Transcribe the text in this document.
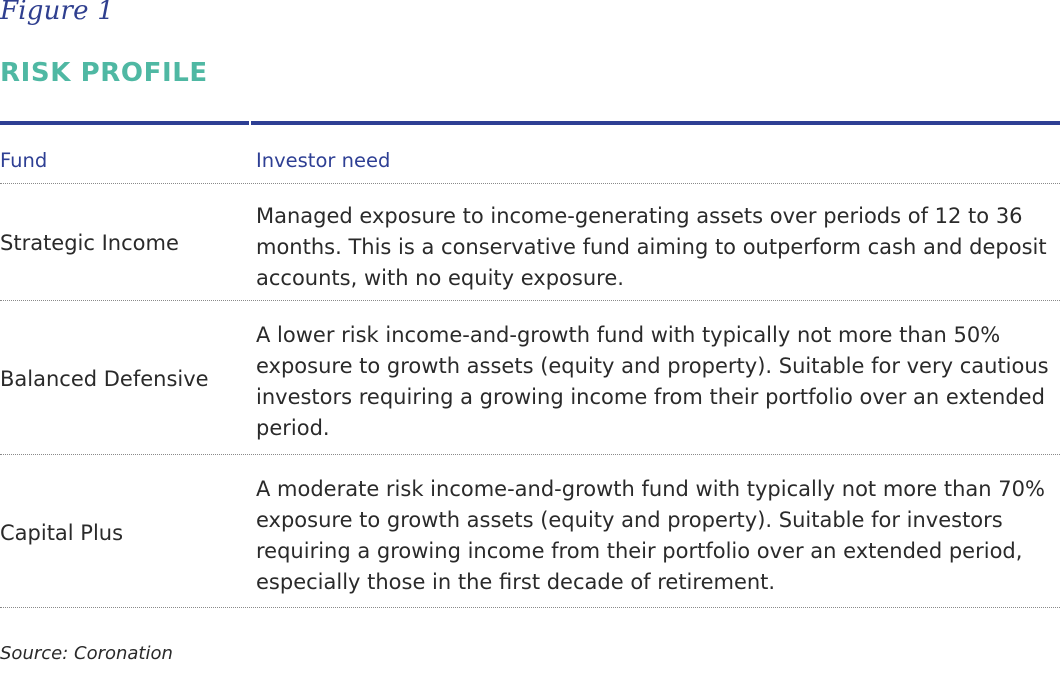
Figure 1
RISK PROFILE
Fund	Investor need
Strategic Income
Managed exposure to income-generating assets over periods of 12 to 36 months. This is a conservative fund aiming to outperform cash and deposit accounts, with no equity exposure.
Balanced Defensive
A lower risk income-and-growth fund with typically not more than 50% exposure to growth assets (equity and property). Suitable for very cautious investors requiring a growing income from their portfolio over an extended period.
Capital Plus
A moderate risk income-and-growth fund with typically not more than 70% exposure to growth assets (equity and property). Suitable for investors requiring a growing income from their portfolio over an extended period, especially those in the first decade of retirement.
Source: Coronation
